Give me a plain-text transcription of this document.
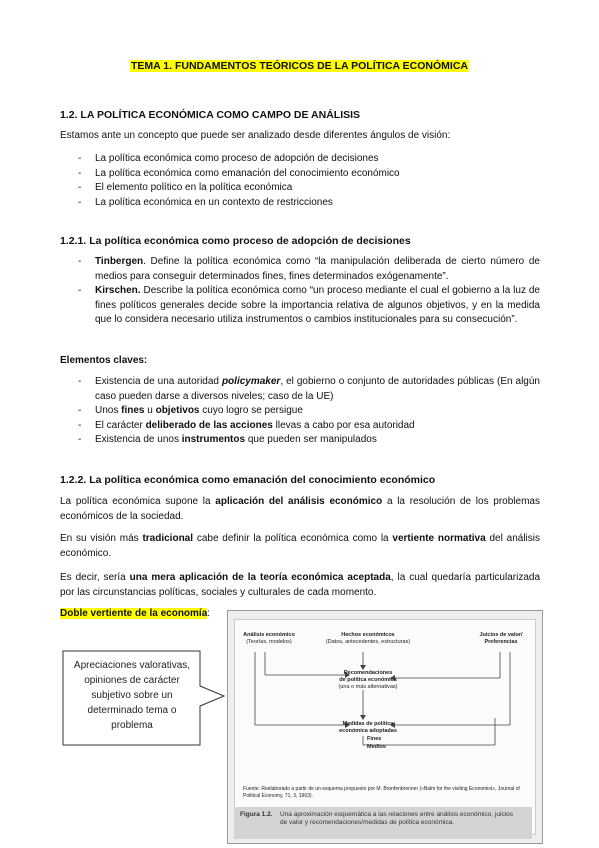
TEMA 1. FUNDAMENTOS TEÓRICOS DE LA POLÍTICA ECONÓMICA
1.2. LA POLÍTICA ECONÓMICA COMO CAMPO DE ANÁLISIS
Estamos ante un concepto que puede ser analizado desde diferentes ángulos de visión:
- La política económica como proceso de adopción de decisiones
- La política económica como emanación del conocimiento económico
- El elemento político en la política económica
- La política económica en un contexto de restricciones
1.2.1. La política económica como proceso de adopción de decisiones
- Tinbergen. Define la política económica como “la manipulación deliberada de cierto número de medios para conseguir determinados fines, fines determinados exógenamente”.
- Kirschen. Describe la política económica como “un proceso mediante el cual el gobierno a la luz de fines políticos generales decide sobre la importancia relativa de algunos objetivos, y en la medida que lo considera necesario utiliza instrumentos o cambios institucionales para su consecución”.
Elementos claves:
- Existencia de una autoridad policymaker, el gobierno o conjunto de autoridades públicas (En algún caso pueden darse a diversos niveles; caso de la UE)
- Unos fines u objetivos cuyo logro se persigue
- El carácter deliberado de las acciones llevas a cabo por esa autoridad
- Existencia de unos instrumentos que pueden ser manipulados
1.2.2. La política económica como emanación del conocimiento económico
La política económica supone la aplicación del análisis económico a la resolución de los problemas económicos de la sociedad.
En su visión más tradicional cabe definir la política económica como la vertiente normativa del análisis económico.
Es decir, sería una mera aplicación de la teoría económica aceptada, la cual quedaría particularizada por las circunstancias políticas, sociales y culturales de cada momento.
Doble vertiente de la economía:
Apreciaciones valorativas, opiniones de carácter subjetivo sobre un determinado tema o problema
Análisis económico
(Teorías, modelos)
Hechos económicos
(Datos, antecedentes, estructuras)
Juicios de valor/
Preferencias
Recomendaciones
de política económica
(una o más alternativas)
Medidas de política
económica adoptadas
Fines
Medios
Fuente: Reelaborado a partir de un esquema propuesto por M. Bronfenbrenner («Balm for the visiting Economist», Journal of Political Economy, 71, 3, 1963).
Figura 1.2. Una aproximación esquemática a las relaciones entre análisis económico, juicios de valor y recomendaciones/medidas de política económica.
